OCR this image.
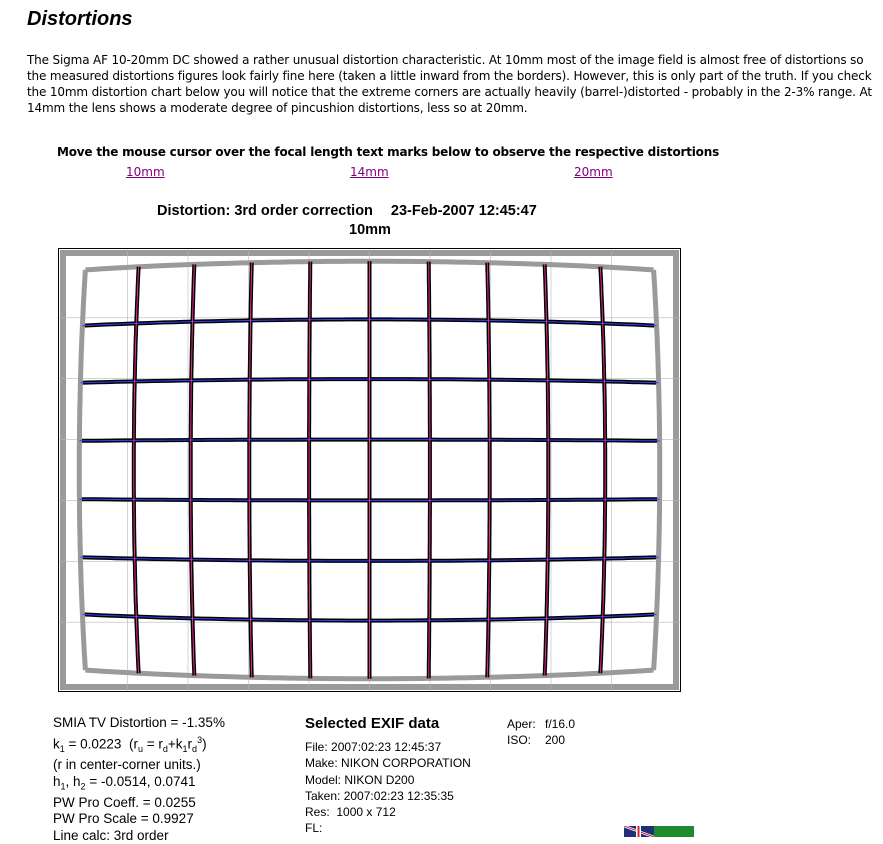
Distortions

The Sigma AF 10-20mm DC showed a rather unusual distortion characteristic. At 10mm most of the image field is almost free of distortions so the measured distortions figures look fairly fine here (taken a little inward from the borders). However, this is only part of the truth. If you check the 10mm distortion chart below you will notice that the extreme corners are actually heavily (barrel-)distorted - probably in the 2-3% range. At 14mm the lens shows a moderate degree of pincushion distortions, less so at 20mm.

Move the mouse cursor over the focal length text marks below to observe the respective distortions
10mm	14mm	20mm
Distortion: 3rd order correction 23-Feb-2007 12:45:47
10mm
SMIA TV Distortion = -1.35%
$k_1 = 0.0223$ $(r_u = r_d+k_1r_d^3)$
(r in center-corner units.)
$h_1$, $h_2 = -0.0514$, 0.0741
PW Pro Coeff. = 0.0255
PW Pro Scale = 0.9927
Line calc: 3rd order
Selected EXIF data
File: 2007:02:23 12:45:37
Make: NIKON CORPORATION
Model: NIKON D200
Taken: 2007:02:23 12:35:35
Res: 1000 x 712
FL:
Aper: f/16.0
ISO: 200
